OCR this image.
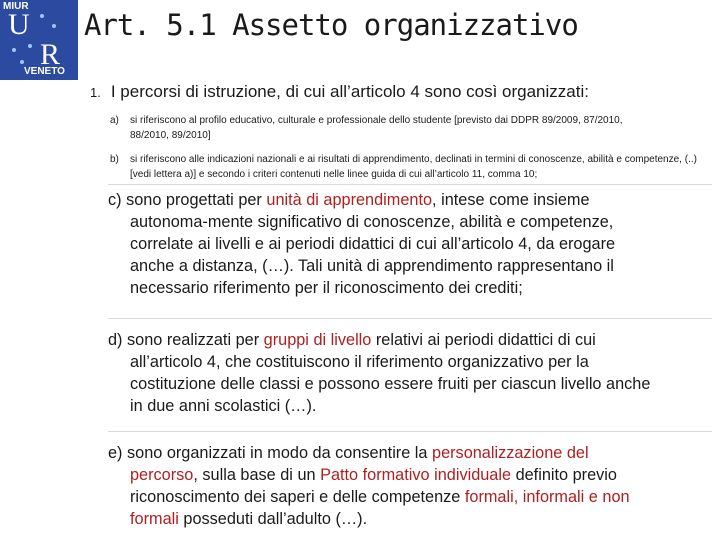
MIUR
U
R
VENETO
Art. 5.1 Assetto organizzativo
1. I percorsi di istruzione, di cui all’articolo 4 sono così organizzati:
a) si riferiscono al profilo educativo, culturale e professionale dello studente [previsto dai DDPR 89/2009, 87/2010,
88/2010, 89/2010]
b) si riferiscono alle indicazioni nazionali e ai risultati di apprendimento, declinati in termini di conoscenze, abilità e competenze, (..)
[vedi lettera a)] e secondo i criteri contenuti nelle linee guida di cui all’articolo 11, comma 10;
c) sono progettati per unità di apprendimento, intese come insieme
autonoma-mente significativo di conoscenze, abilità e competenze,
correlate ai livelli e ai periodi didattici di cui all’articolo 4, da erogare
anche a distanza, (…). Tali unità di apprendimento rappresentano il
necessario riferimento per il riconoscimento dei crediti;
d) sono realizzati per gruppi di livello relativi ai periodi didattici di cui
all’articolo 4, che costituiscono il riferimento organizzativo per la
costituzione delle classi e possono essere fruiti per ciascun livello anche
in due anni scolastici (…).
e) sono organizzati in modo da consentire la personalizzazione del
percorso, sulla base di un Patto formativo individuale definito previo
riconoscimento dei saperi e delle competenze formali, informali e non
formali posseduti dall’adulto (…).
